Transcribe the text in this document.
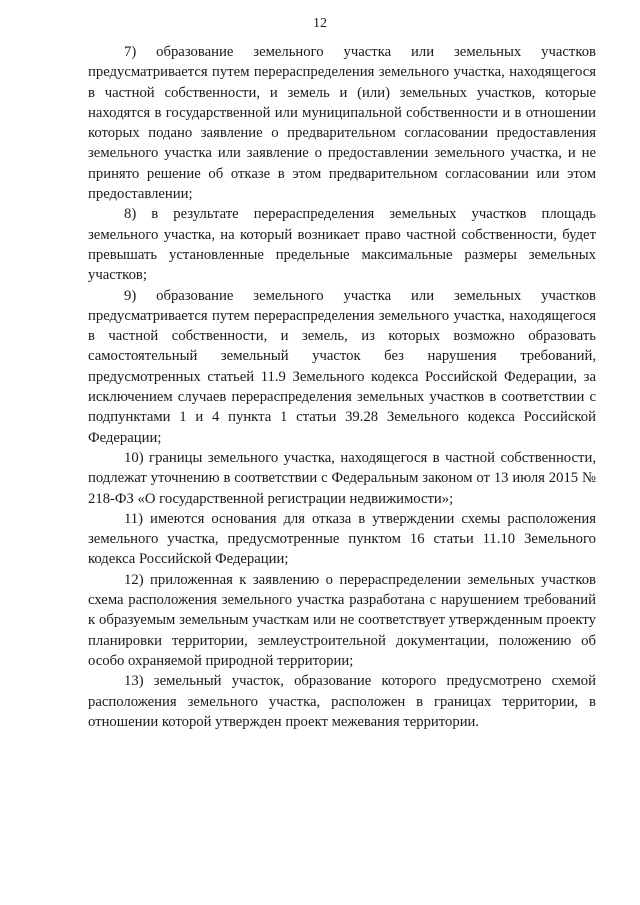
12

7) образование земельного участка или земельных участков предусматривается путем перераспределения земельного участка, находящегося в частной собственности, и земель и (или) земельных участков, которые находятся в государственной или муниципальной собственности и в отношении которых подано заявление о предварительном согласовании предоставления земельного участка или заявление о предоставлении земельного участка, и не принято решение об отказе в этом предварительном согласовании или этом предоставлении;

8) в результате перераспределения земельных участков площадь земельного участка, на который возникает право частной собственности, будет превышать установленные предельные максимальные размеры земельных участков;

9) образование земельного участка или земельных участков предусматривается путем перераспределения земельного участка, находящегося в частной собственности, и земель, из которых возможно образовать самостоятельный земельный участок без нарушения требований, предусмотренных статьей 11.9 Земельного кодекса Российской Федерации, за исключением случаев перераспределения земельных участков в соответствии с подпунктами 1 и 4 пункта 1 статьи 39.28 Земельного кодекса Российской Федерации;

10) границы земельного участка, находящегося в частной собственности, подлежат уточнению в соответствии с Федеральным законом от 13 июля 2015 № 218-ФЗ «О государственной регистрации недвижимости»;

11) имеются основания для отказа в утверждении схемы расположения земельного участка, предусмотренные пунктом 16 статьи 11.10 Земельного кодекса Российской Федерации;

12) приложенная к заявлению о перераспределении земельных участков схема расположения земельного участка разработана с нарушением требований к образуемым земельным участкам или не соответствует утвержденным проекту планировки территории, землеустроительной документации, положению об особо охраняемой природной территории;

13) земельный участок, образование которого предусмотрено схемой расположения земельного участка, расположен в границах территории, в отношении которой утвержден проект межевания территории.
